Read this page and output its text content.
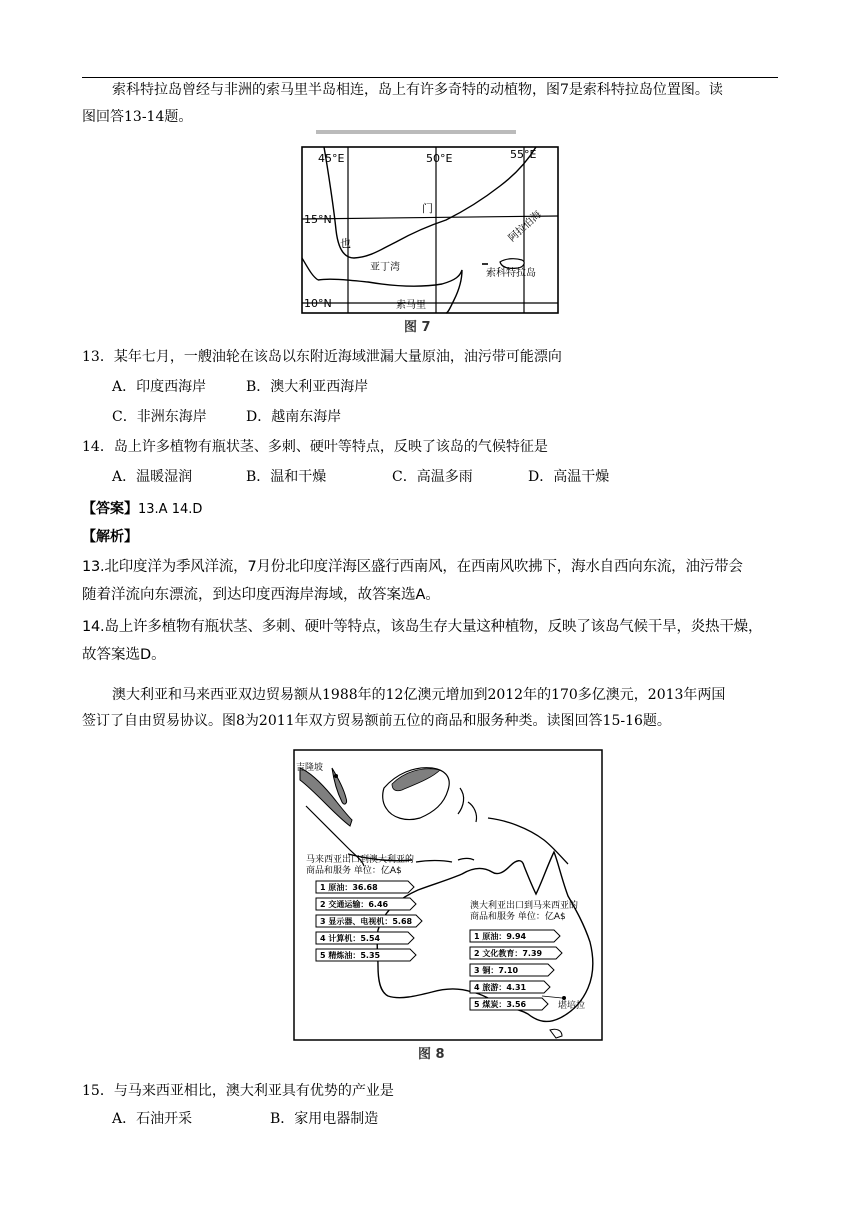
索科特拉岛曾经与非洲的索马里半岛相连，岛上有许多奇特的动植物，图7是索科特拉岛位置图。读
图回答13-14题。
45°E	50°E	55°E
15°N
10°N
门
也
亚丁湾
阿拉伯海
索科特拉岛
索马里
图 7
13．某年七月，一艘油轮在该岛以东附近海域泄漏大量原油，油污带可能漂向
A．印度西海岸	B．澳大利亚西海岸
C．非洲东海岸	D．越南东海岸
14．岛上许多植物有瓶状茎、多刺、硬叶等特点，反映了该岛的气候特征是
A．温暖湿润	B．温和干燥	C．高温多雨	D．高温干燥
【答案】13.A 14.D
【解析】
13.北印度洋为季风洋流，7月份北印度洋海区盛行西南风，在西南风吹拂下，海水自西向东流，油污带会
随着洋流向东漂流，到达印度西海岸海域，故答案选A。
14.岛上许多植物有瓶状茎、多刺、硬叶等特点，该岛生存大量这种植物，反映了该岛气候干旱，炎热干燥，
故答案选D。
澳大利亚和马来西亚双边贸易额从1988年的12亿澳元增加到2012年的170多亿澳元，2013年两国
签订了自由贸易协议。图8为2011年双方贸易额前五位的商品和服务种类。读图回答15-16题。
吉隆坡
堪培拉
马来西亚出口到澳大利亚的
商品和服务 单位：亿A$
1 原油：36.68
2 交通运输：6.46
3 显示器、电视机：5.68
4 计算机：5.54
5 精炼油：5.35
澳大利亚出口到马来西亚的
商品和服务 单位：亿A$
1 原油：9.94
2 文化教育：7.39
3 铜：7.10
4 旅游：4.31
5 煤炭：3.56
图 8
15．与马来西亚相比，澳大利亚具有优势的产业是
A．石油开采	B．家用电器制造
